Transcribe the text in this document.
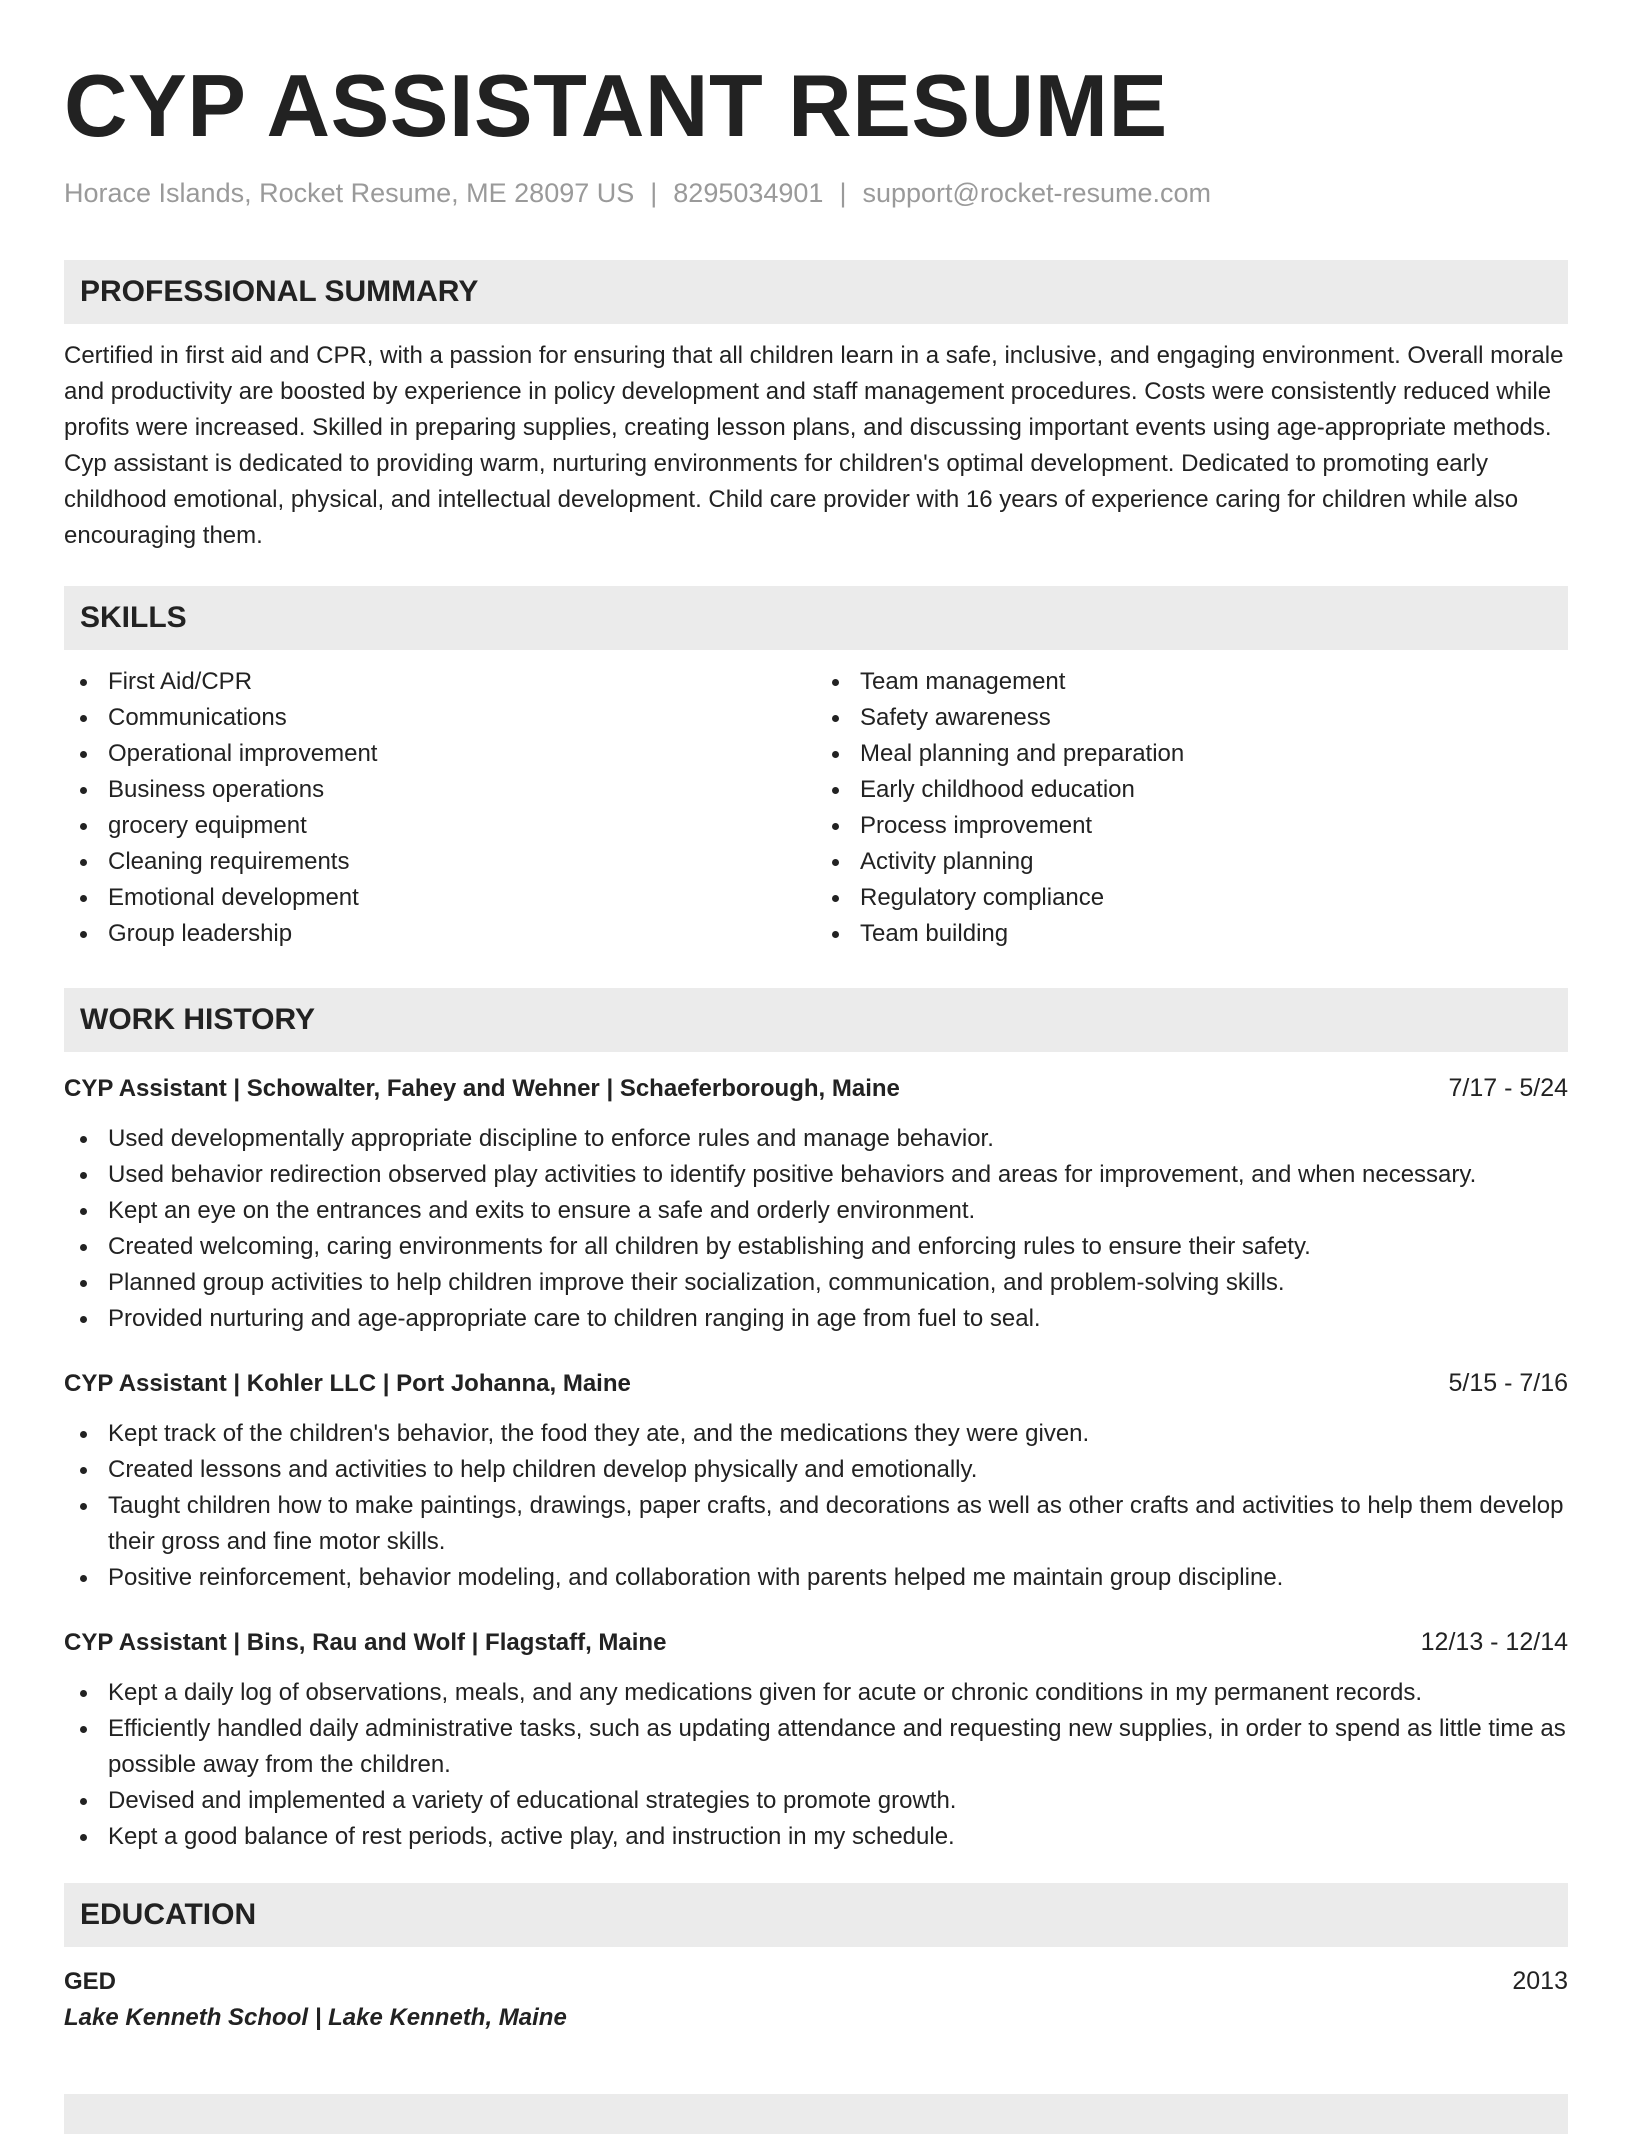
CYP ASSISTANT RESUME
Horace Islands, Rocket Resume, ME 28097 US | 8295034901 | support@rocket-resume.com
PROFESSIONAL SUMMARY

Certified in first aid and CPR, with a passion for ensuring that all children learn in a safe, inclusive, and engaging environment. Overall morale and productivity are boosted by experience in policy development and staff management procedures. Costs were consistently reduced while profits were increased. Skilled in preparing supplies, creating lesson plans, and discussing important events using age-appropriate methods. Cyp assistant is dedicated to providing warm, nurturing environments for children's optimal development. Dedicated to promoting early childhood emotional, physical, and intellectual development. Child care provider with 16 years of experience caring for children while also encouraging them.

SKILLS
First Aid/CPR
Communications
Operational improvement
Business operations
grocery equipment
Cleaning requirements
Emotional development
Group leadership
Team management
Safety awareness
Meal planning and preparation
Early childhood education
Process improvement
Activity planning
Regulatory compliance
Team building
WORK HISTORY
CYP Assistant | Schowalter, Fahey and Wehner | Schaeferborough, Maine	7/17 - 5/24
Used developmentally appropriate discipline to enforce rules and manage behavior.
Used behavior redirection observed play activities to identify positive behaviors and areas for improvement, and when necessary.
Kept an eye on the entrances and exits to ensure a safe and orderly environment.
Created welcoming, caring environments for all children by establishing and enforcing rules to ensure their safety.
Planned group activities to help children improve their socialization, communication, and problem-solving skills.
Provided nurturing and age-appropriate care to children ranging in age from fuel to seal.
CYP Assistant | Kohler LLC | Port Johanna, Maine	5/15 - 7/16
Kept track of the children's behavior, the food they ate, and the medications they were given.
Created lessons and activities to help children develop physically and emotionally.
Taught children how to make paintings, drawings, paper crafts, and decorations as well as other crafts and activities to help them develop their gross and fine motor skills.
Positive reinforcement, behavior modeling, and collaboration with parents helped me maintain group discipline.
CYP Assistant | Bins, Rau and Wolf | Flagstaff, Maine	12/13 - 12/14
Kept a daily log of observations, meals, and any medications given for acute or chronic conditions in my permanent records.
Efficiently handled daily administrative tasks, such as updating attendance and requesting new supplies, in order to spend as little time as possible away from the children.
Devised and implemented a variety of educational strategies to promote growth.
Kept a good balance of rest periods, active play, and instruction in my schedule.
EDUCATION
GED	2013
Lake Kenneth School | Lake Kenneth, Maine
